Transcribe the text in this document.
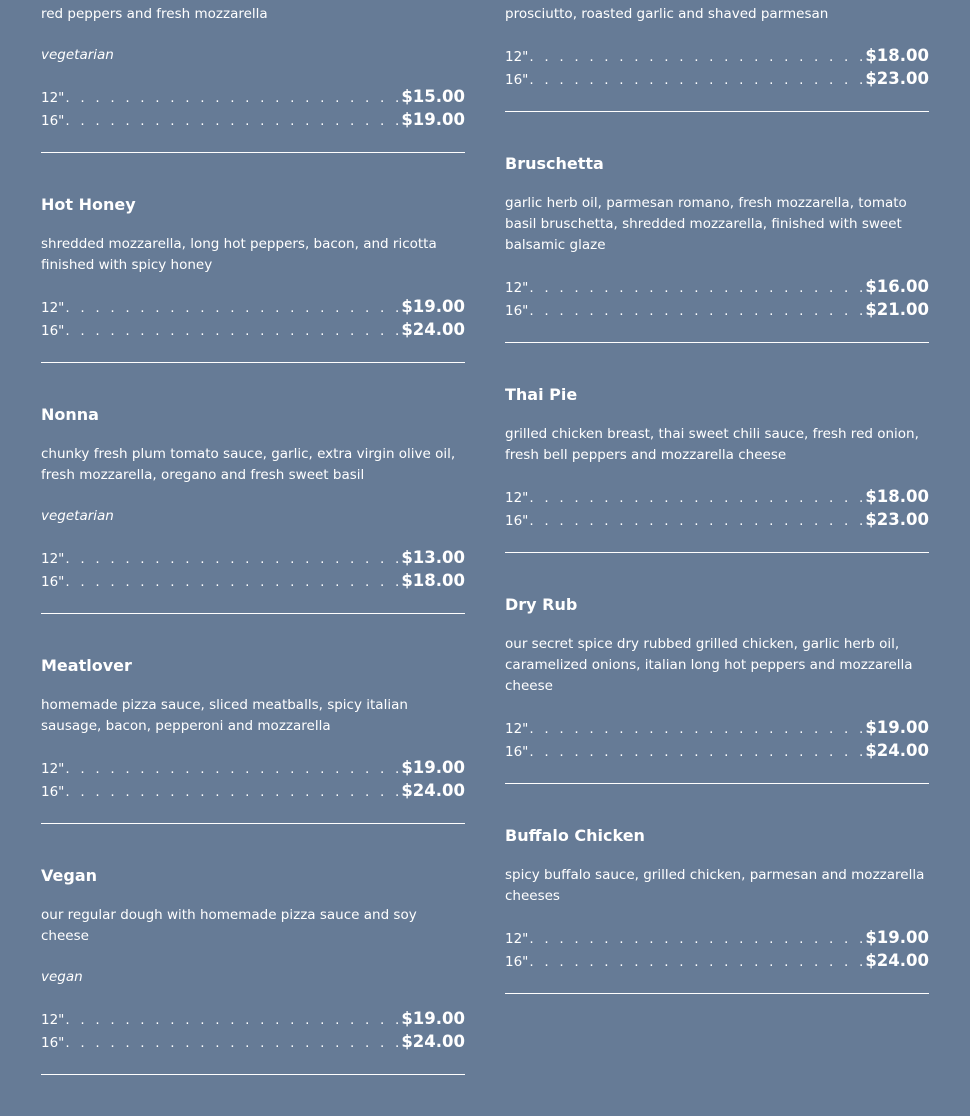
red peppers and fresh mozzarella
vegetarian
12" . . .	$15.00
16" . . .	$19.00
Hot Honey
shredded mozzarella, long hot peppers, bacon, and ricotta finished with spicy honey
12" . . .	$19.00
16" . . .	$24.00
Nonna
chunky fresh plum tomato sauce, garlic, extra virgin olive oil, fresh mozzarella, oregano and fresh sweet basil
vegetarian
12" . . .	$13.00
16" . . .	$18.00
Meatlover
homemade pizza sauce, sliced meatballs, spicy italian sausage, bacon, pepperoni and mozzarella
12" . . .	$19.00
16" . . .	$24.00
Vegan
our regular dough with homemade pizza sauce and soy cheese
vegan
12" . . .	$19.00
16" . . .	$24.00
prosciutto, roasted garlic and shaved parmesan
12" . . .	$18.00
16" . . .	$23.00
Bruschetta
garlic herb oil, parmesan romano, fresh mozzarella, tomato basil bruschetta, shredded mozzarella, finished with sweet balsamic glaze
12" . . .	$16.00
16" . . .	$21.00
Thai Pie
grilled chicken breast, thai sweet chili sauce, fresh red onion, fresh bell peppers and mozzarella cheese
12" . . .	$18.00
16" . . .	$23.00
Dry Rub
our secret spice dry rubbed grilled chicken, garlic herb oil, caramelized onions, italian long hot peppers and mozzarella cheese
12" . . .	$19.00
16" . . .	$24.00
Buffalo Chicken
spicy buffalo sauce, grilled chicken, parmesan and mozzarella cheeses
12" . . .	$19.00
16" . . .	$24.00
